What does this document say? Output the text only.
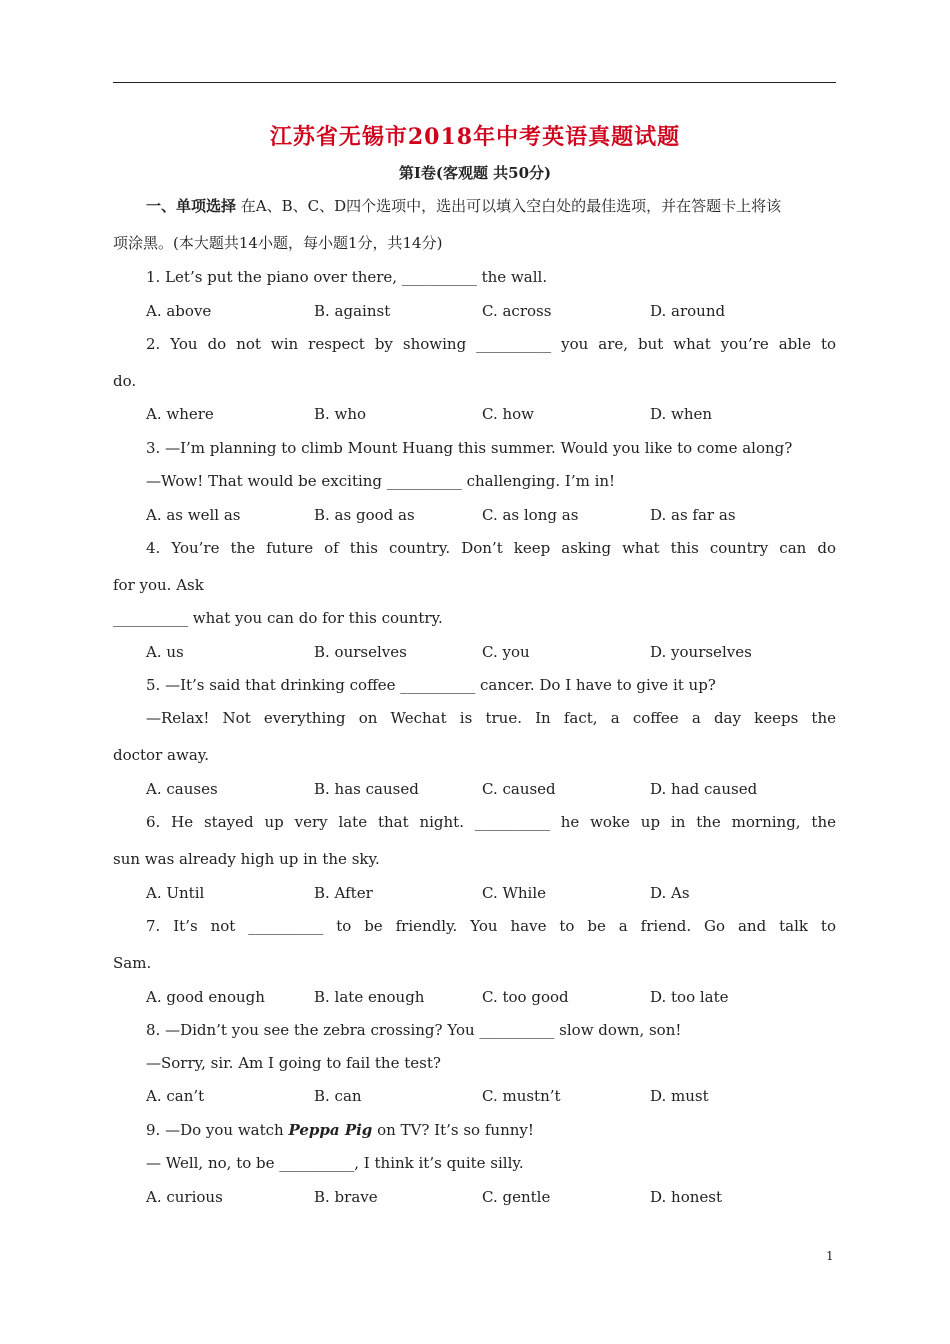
江苏省无锡市2018年中考英语真题试题
第Ⅰ卷(客观题 共50分)
一、单项选择 在A、B、C、D四个选项中，选出可以填入空白处的最佳选项，并在答题卡上将该
项涂黑。(本大题共14小题，每小题1分，共14分)
1. Let’s put the piano over there, __________ the wall.
A. above	B. against	C. across	D. around
2. You do not win respect by showing __________ you are, but what you’re able to
do.
A. where	B. who	C. how	D. when
3. —I’m planning to climb Mount Huang this summer. Would you like to come along?
—Wow! That would be exciting __________ challenging. I’m in!
A. as well as	B. as good as	C. as long as	D. as far as
4. You’re the future of this country. Don’t keep asking what this country can do
for you. Ask
__________ what you can do for this country.
A. us	B. ourselves	C. you	D. yourselves
5. —It’s said that drinking coffee __________ cancer. Do I have to give it up?
—Relax! Not everything on Wechat is true. In fact, a coffee a day keeps the
doctor away.
A. causes	B. has caused	C. caused	D. had caused
6. He stayed up very late that night. __________ he woke up in the morning, the
sun was already high up in the sky.
A. Until	B. After	C. While	D. As
7. It’s not __________ to be friendly. You have to be a friend. Go and talk to
Sam.
A. good enough	B. late enough	C. too good	D. too late
8. —Didn’t you see the zebra crossing? You __________ slow down, son!
—Sorry, sir. Am I going to fail the test?
A. can’t	B. can	C. mustn’t	D. must
9. —Do you watch Peppa Pig on TV? It’s so funny!
— Well, no, to be __________, I think it’s quite silly.
A. curious	B. brave	C. gentle	D. honest
1
